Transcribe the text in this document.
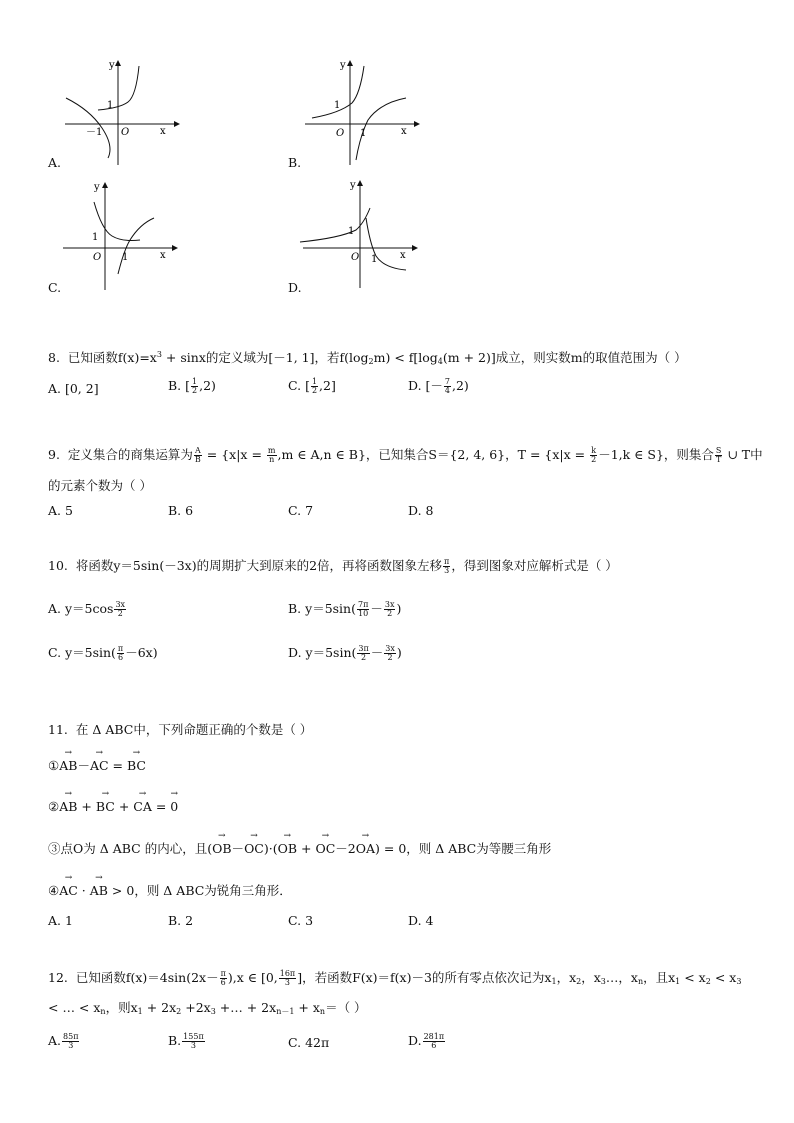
y
x
O
1
－1
A.
y
x
O
1
1
B.
y
x
O
1
1
C.
y
x
O
1
1
D.
8. 已知函数$f(x)=x^3 + \sin x$的定义域为[－1, 1]，若$f(\log_2m) < f[\log_4(m + 2)]$成立，则实数m的取值范围为（ ）
A. [0, 2]	B. [ $\frac{1}{2} ,2$)	C. [ $\frac{1}{2} ,2$]	D. [－ $\frac{7}{4} ,2$)
9. 定义集合的商集运算为 $\frac{A}{B} = \{x|x = \frac{m}{n} ,m$ ∈ A,n ∈ B}，已知集合S＝{2, 4, 6}，$T = \{x|x = \frac{k}{2} -1,k$ ∈ S}，则集合 $\frac{S}{T}$ ∪ T中
的元素个数为（ ）
A. 5	B. 6	C. 7	D. 8
10. 将函数y＝5sin(－3x)的周期扩大到原来的2倍，再将函数图象左移 $\frac{\pi}{3}$ ，得到图象对应解析式是（ ）
A. $y=5\cos \frac{3x}{2}$	B. $y=5\sin( \frac{7\pi}{10} - \frac{3x}{2}$ )
C. $y=5\sin( \frac{\pi}{6} -6x)$	D. $y=5\sin( \frac{3\pi}{2} - \frac{3x}{2}$ )
11. 在 Δ ABC中，下列命题正确的个数是（ ）
①→ AB－→ AC = → BC
②→ AB + → BC + → CA = → 0
③点O为 Δ ABC 的内心，且(→ OB－→ OC)·(→ OB + → OC－2→ OA) = 0，则 Δ ABC为等腰三角形
④→ AC · → AB > 0，则 Δ ABC为锐角三角形．
A. 1	B. 2	C. 3	D. 4
12. 已知函数$f(x)=4\sin(2x- \frac{\pi}{6} ),x$ ∈ [0, $\frac{16\pi}{3}$ ]，若函数F(x)＝f(x)－3的所有零点依次记为$x_1$，$x_2$，$x_3\dots$，$x_n$，且$x_1 < x_2 < x_3$
< … < $x_n$，则$x_1 + 2x_2 +2x_3$ +… + $2x_{n-1} + x_n=$（ ）
A. $\frac{85\pi}{3}$	B. $\frac{155\pi}{3}$	C. 42π	D. $\frac{281\pi}{6}$
